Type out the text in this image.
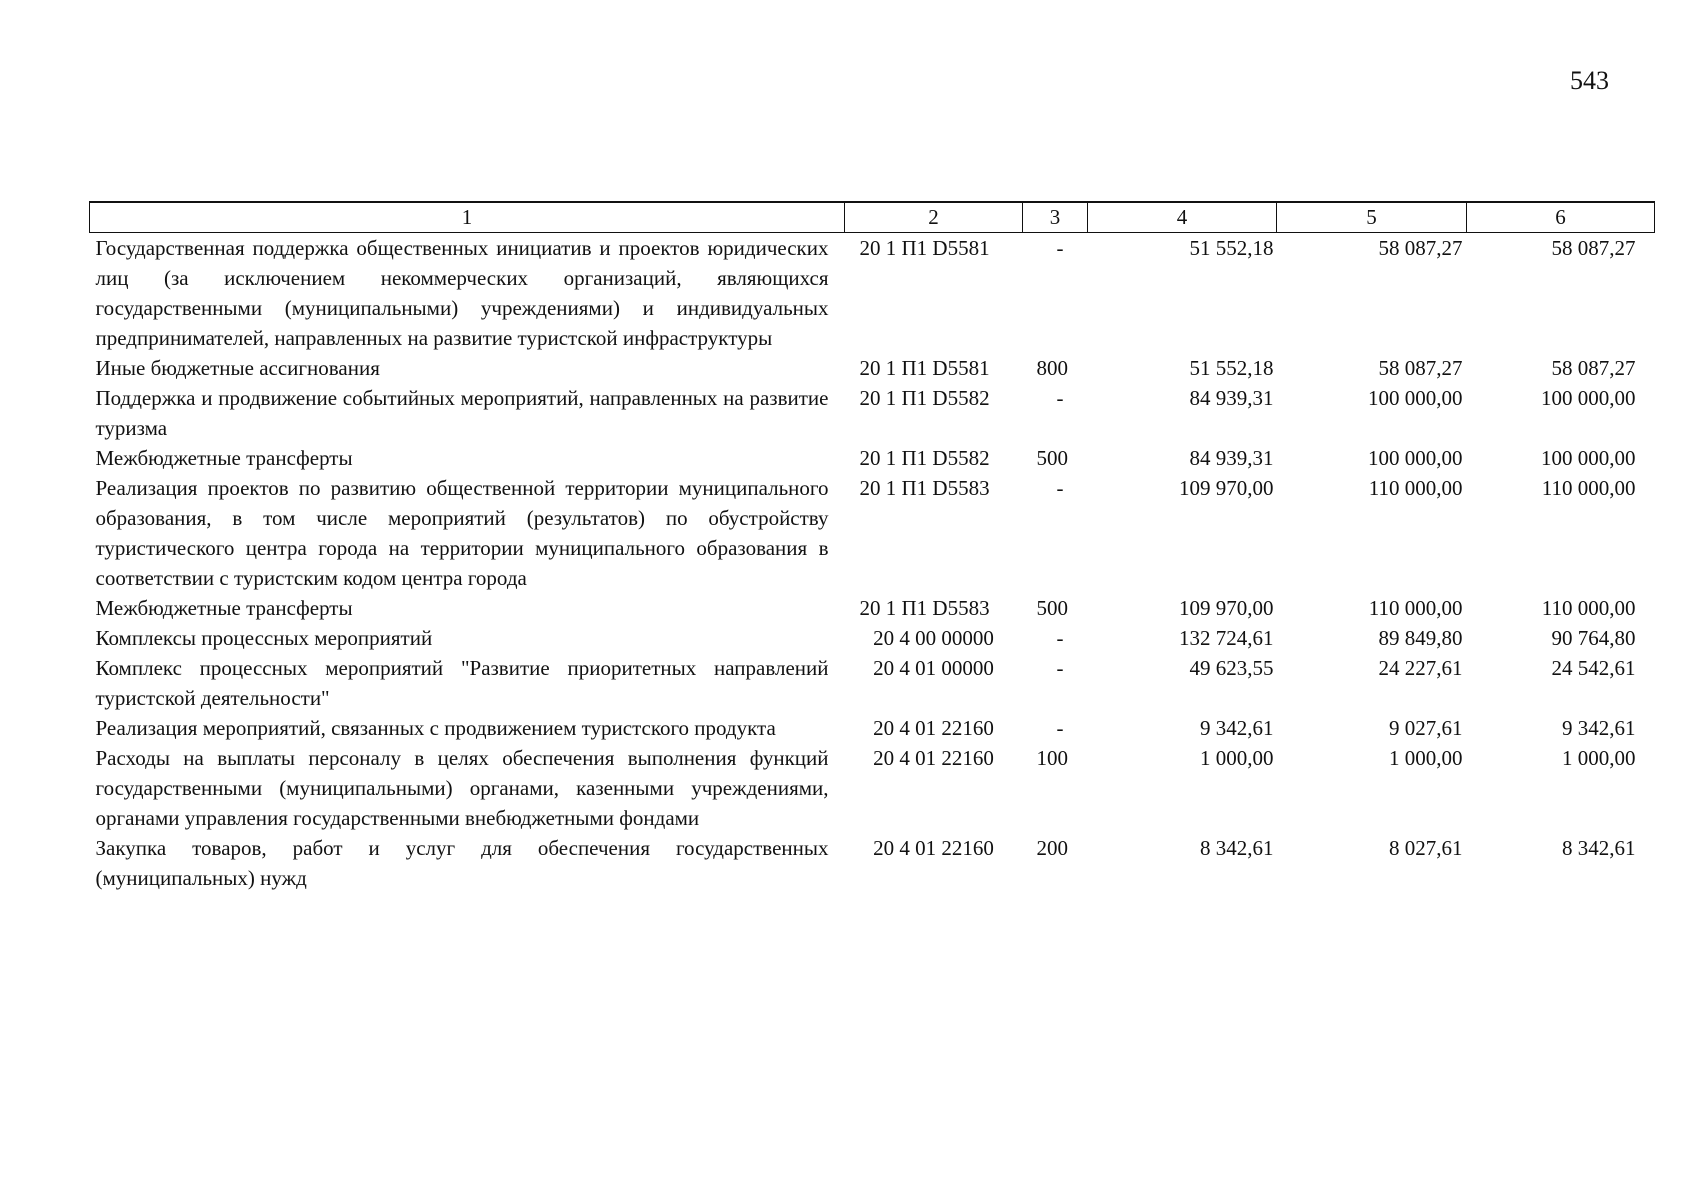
543
1	2	3	4	5	6
Государственная поддержка общественных инициатив и проектов юридических лиц (за исключением некоммерческих организаций, являющихся государственными (муниципальными) учреждениями) и индивидуальных предпринимателей, направленных на развитие туристской инфраструктуры	20 1 П1 D5581	-	51 552,18	58 087,27	58 087,27
Иные бюджетные ассигнования	20 1 П1 D5581	800	51 552,18	58 087,27	58 087,27
Поддержка и продвижение событийных мероприятий, направленных на развитие туризма	20 1 П1 D5582	-	84 939,31	100 000,00	100 000,00
Межбюджетные трансферты	20 1 П1 D5582	500	84 939,31	100 000,00	100 000,00
Реализация проектов по развитию общественной территории муниципального образования, в том числе мероприятий (результатов) по обустройству туристического центра города на территории муниципального образования в соответствии с туристским кодом центра города	20 1 П1 D5583	-	109 970,00	110 000,00	110 000,00
Межбюджетные трансферты	20 1 П1 D5583	500	109 970,00	110 000,00	110 000,00
Комплексы процессных мероприятий	20 4 00 00000	-	132 724,61	89 849,80	90 764,80
Комплекс процессных мероприятий "Развитие приоритетных направлений туристской деятельности"	20 4 01 00000	-	49 623,55	24 227,61	24 542,61
Реализация мероприятий, связанных с продвижением туристского продукта	20 4 01 22160	-	9 342,61	9 027,61	9 342,61
Расходы на выплаты персоналу в целях обеспечения выполнения функций государственными (муниципальными) органами, казенными учреждениями, органами управления государственными внебюджетными фондами	20 4 01 22160	100	1 000,00	1 000,00	1 000,00
Закупка товаров, работ и услуг для обеспечения государственных (муниципальных) нужд	20 4 01 22160	200	8 342,61	8 027,61	8 342,61
